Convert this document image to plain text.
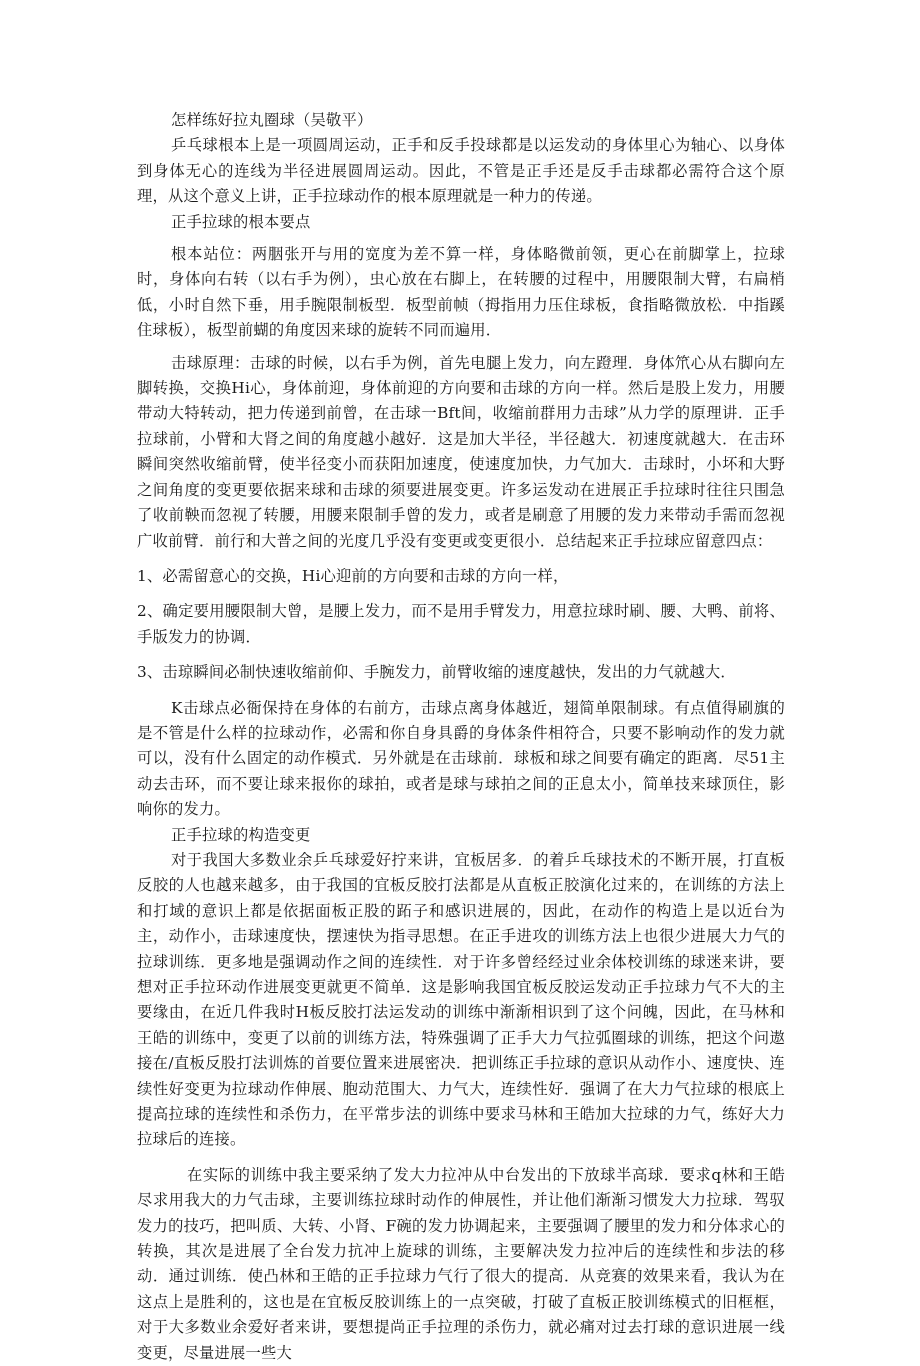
怎样练好拉丸圈球（吴敬平）

乒乓球根本上是一项圆周运动，正手和反手投球都是以运发动的身体里心为轴心、以身体到身体无心的连线为半径进展圆周运动。因此，不管是正手还是反手击球都必需符合这个原理，从这个意义上讲，正手拉球动作的根本原理就是一种力的传递。

正手拉球的根本要点

根本站位：两胭张开与用的宽度为差不算一样，身体略微前领，更心在前脚掌上，拉球时，身体向右转（以右手为例），虫心放在右脚上，在转腰的过程中，用腰限制大臂，右扁梢低，小时自然下垂，用手腕限制板型．板型前帧（拇指用力压住球板，食指略微放松．中指蹊住球板），板型前蝴的角度因来球的旋转不同而遍用．

击球原理：击球的时候，以右手为例，首先电腿上发力，向左蹬理．身体笊心从右脚向左脚转换，交换Hi心，身体前迎，身体前迎的方向要和击球的方向一样。然后是股上发力，用腰带动大特转动，把力传递到前曾，在击球一Bft间，收缩前群用力击球”从力学的原理讲．正手拉球前，小臂和大肾之间的角度越小越好．这是加大半径，半径越大．初速度就越大．在击环瞬间突然收缩前臂，使半径变小而获阳加速度，使速度加快，力气加大．击球时，小坏和大野之间角度的变更要依据来球和击球的须要进展变更。许多运发动在进展正手拉球时往往只围急了收前鞅而忽视了转腰，用腰来限制手曾的发力，或者是刷意了用腰的发力来带动手需而忽视广收前臂．前行和大普之间的光度几乎没有变更或变更很小．总结起来正手拉球应留意四点：

1、必需留意心的交换，Hi心迎前的方向要和击球的方向一样，

2、确定要用腰限制大曾，是腰上发力，而不是用手臂发力，用意拉球时刷、腰、大鸭、前将、手版发力的协调．

3、击琼瞬间必制快速收缩前仰、手腕发力，前臂收缩的速度越快，发出的力气就越大．

K击球点必衙保持在身体的右前方，击球点离身体越近，翅简单限制球。有点值得刷旗的是不管是什么样的拉球动作，必需和你自身具爵的身体条件相符合，只要不影响动作的发力就可以，没有什么固定的动作模式．另外就是在击球前．球板和球之间要有确定的距离．尽51主动去击环，而不要让球来报你的球拍，或者是球与球拍之间的正息太小，简单技来球顶住，影响你的发力。

正手拉球的构造变更

对于我国大多数业余乒乓球爱好拧来讲，宜板居多．的着乒乓球技术的不断开展，打直板反胶的人也越来越多，由于我国的宜板反胶打法都是从直板正胶演化过来的，在训练的方法上和打域的意识上都是依据面板正股的跖子和感识进展的，因此，在动作的构造上是以近台为主，动作小，击球速度快，摆速快为指寻思想。在正手进攻的训练方法上也很少进展大力气的拉球训练．更多地是强调动作之间的连续性．对于许多曾经经过业余体校训练的球迷来讲，要想对正手拉环动作进展变更就更不简单．这是影响我国宜板反胶运发动正手拉球力气不大的主要缘由，在近几件我时H板反胶打法运发动的训练中渐渐相识到了这个问魄，因此，在马林和王皓的训练中，变更了以前的训练方法，特殊强调了正手大力气拉弧圈球的训练，把这个问遨接在/直板反股打法训炼的首要位置来进展密决．把训练正手拉球的意识从动作小、速度快、连续性好变更为拉球动作伸展、胞动范围大、力气大，连续性好．强调了在大力气拉球的根底上提高拉球的连续性和杀伤力，在平常步法的训练中要求马林和王皓加大拉球的力气，练好大力拉球后的连接。

在实际的训练中我主要采纳了发大力拉冲从中台发出的下放球半高球．要求q林和王皓尽求用我大的力气击球，主要训练拉球时动作的伸展性，并让他们渐渐习惯发大力拉球．驾驭发力的技巧，把叫质、大转、小肾、F碗的发力协调起来，主要强调了腰里的发力和分体求心的转换，其次是进展了全台发力抗冲上旋球的训练，主要解决发力拉冲后的连续性和步法的移动．通过训练．使凸林和王皓的正手拉球力气行了很大的提高．从竞赛的效果来看，我认为在这点上是胜利的，这也是在宜板反胶训练上的一点突破，打破了直板正胶训练模式的旧框框，对于大多数业余爱好者来讲，要想提尚正手拉理的杀伤力，就必痛对过去打球的意识进展一线变更，尽量进展一些大
